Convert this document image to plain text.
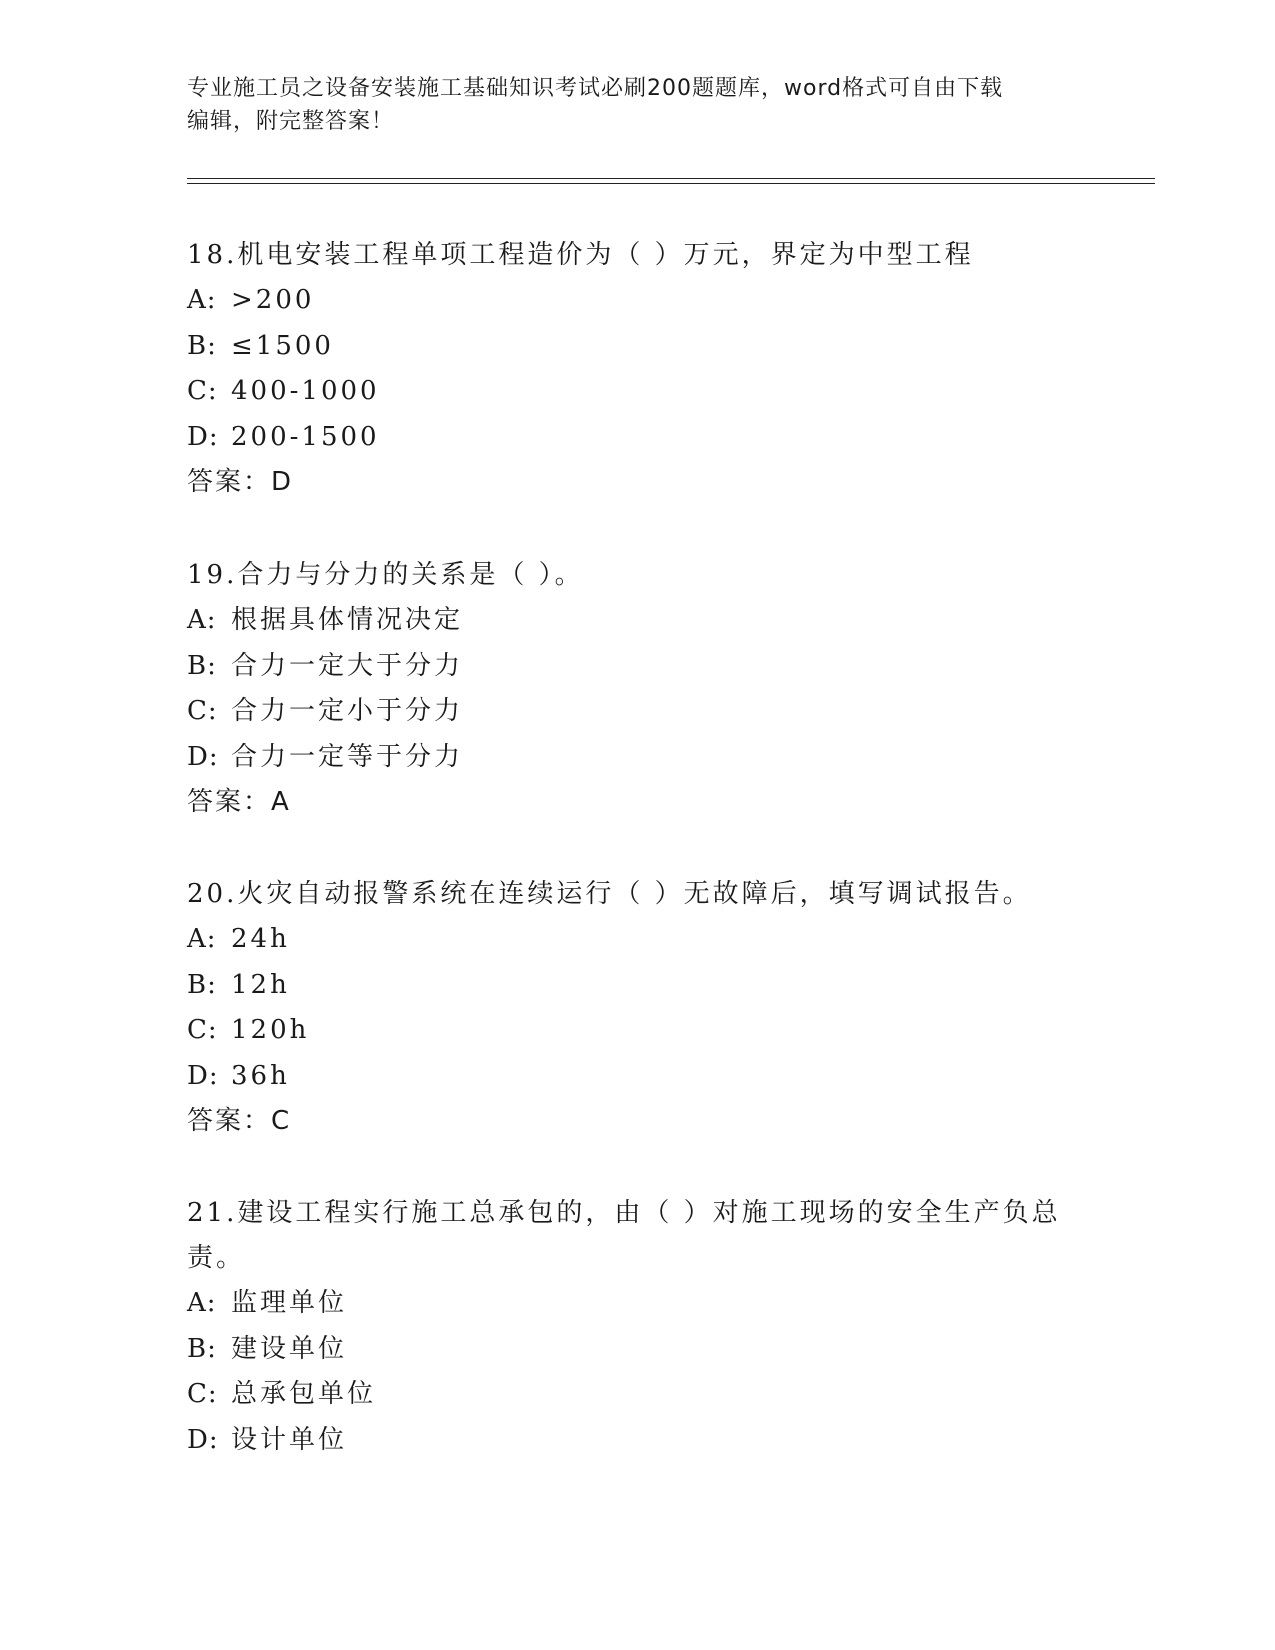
专业施工员之设备安装施工基础知识考试必刷200题题库，word格式可自由下载
编辑，附完整答案！

18.机电安装工程单项工程造价为（ ）万元，界定为中型工程

A: >200
B: ≤1500
C: 400-1000
D: 200-1500
答案：D

19.合力与分力的关系是（ ）。

A: 根据具体情况决定
B: 合力一定大于分力
C: 合力一定小于分力
D: 合力一定等于分力
答案：A

20.火灾自动报警系统在连续运行（ ）无故障后，填写调试报告。

A: 24h
B: 12h
C: 120h
D: 36h
答案：C

21.建设工程实行施工总承包的，由（ ）对施工现场的安全生产负总责。

A: 监理单位
B: 建设单位
C: 总承包单位
D: 设计单位
